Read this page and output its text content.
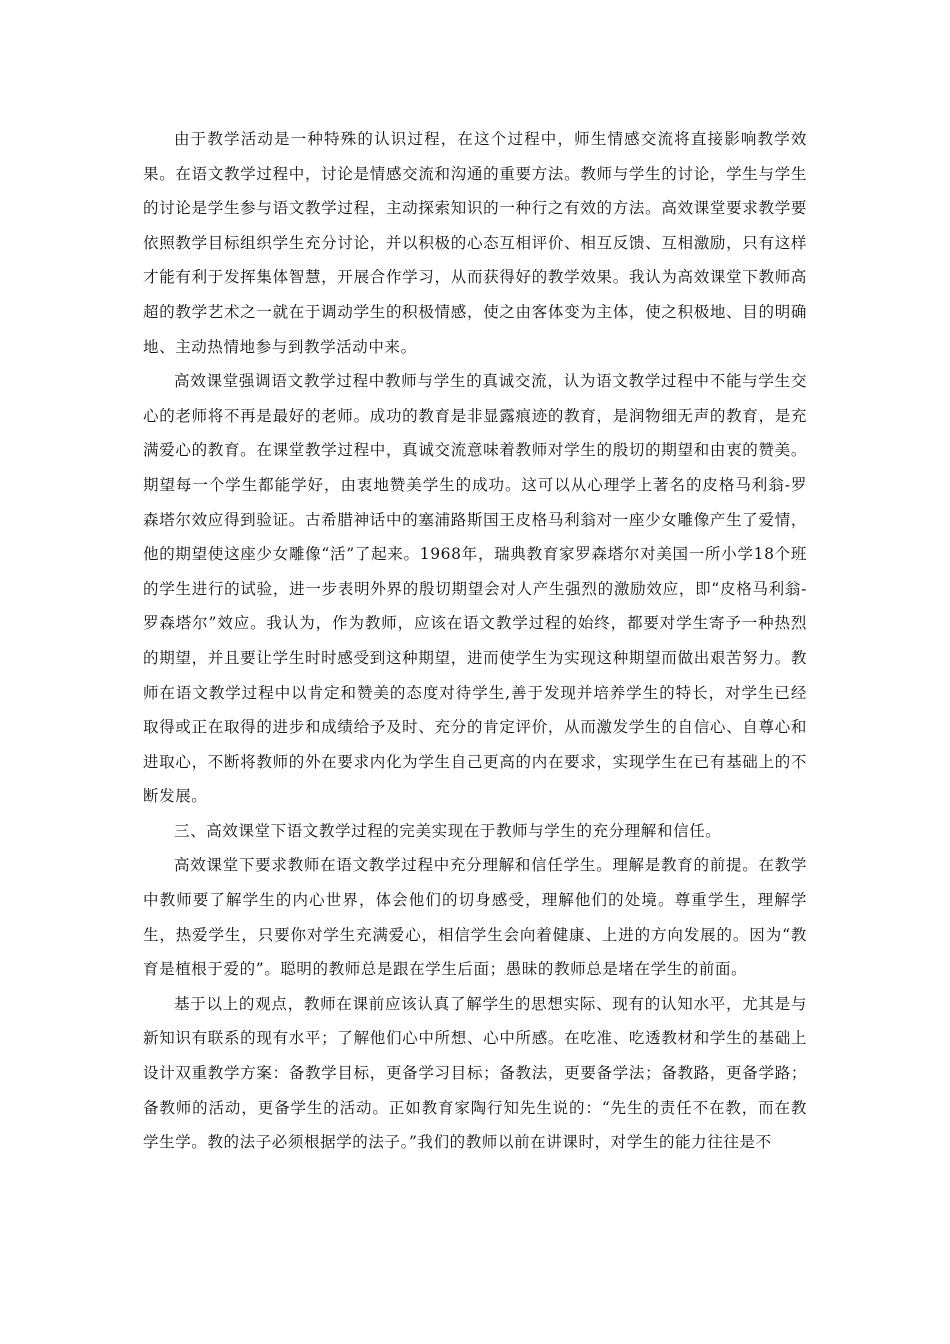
由于教学活动是一种特殊的认识过程，在这个过程中，师生情感交流将直接影响教学效果。在语文教学过程中，讨论是情感交流和沟通的重要方法。教师与学生的讨论，学生与学生的讨论是学生参与语文教学过程，主动探索知识的一种行之有效的方法。高效课堂要求教学要依照教学目标组织学生充分讨论，并以积极的心态互相评价、相互反馈、互相激励，只有这样才能有利于发挥集体智慧，开展合作学习，从而获得好的教学效果。我认为高效课堂下教师高超的教学艺术之一就在于调动学生的积极情感，使之由客体变为主体，使之积极地、目的明确地、主动热情地参与到教学活动中来。

高效课堂强调语文教学过程中教师与学生的真诚交流，认为语文教学过程中不能与学生交心的老师将不再是最好的老师。成功的教育是非显露痕迹的教育，是润物细无声的教育，是充满爱心的教育。在课堂教学过程中，真诚交流意味着教师对学生的殷切的期望和由衷的赞美。期望每一个学生都能学好，由衷地赞美学生的成功。这可以从心理学上著名的皮格马利翁-罗森塔尔效应得到验证。古希腊神话中的塞浦路斯国王皮格马利翁对一座少女雕像产生了爱情，他的期望使这座少女雕像“活”了起来。1968年，瑞典教育家罗森塔尔对美国一所小学18个班的学生进行的试验，进一步表明外界的殷切期望会对人产生强烈的激励效应，即“皮格马利翁-罗森塔尔”效应。我认为，作为教师，应该在语文教学过程的始终，都要对学生寄予一种热烈的期望，并且要让学生时时感受到这种期望，进而使学生为实现这种期望而做出艰苦努力。教师在语文教学过程中以肯定和赞美的态度对待学生,善于发现并培养学生的特长，对学生已经取得或正在取得的进步和成绩给予及时、充分的肯定评价，从而激发学生的自信心、自尊心和进取心，不断将教师的外在要求内化为学生自己更高的内在要求，实现学生在已有基础上的不断发展。

三、高效课堂下语文教学过程的完美实现在于教师与学生的充分理解和信任。

高效课堂下要求教师在语文教学过程中充分理解和信任学生。理解是教育的前提。在教学中教师要了解学生的内心世界，体会他们的切身感受，理解他们的处境。尊重学生，理解学生，热爱学生，只要你对学生充满爱心，相信学生会向着健康、上进的方向发展的。因为“教育是植根于爱的”。聪明的教师总是跟在学生后面；愚昧的教师总是堵在学生的前面。

基于以上的观点，教师在课前应该认真了解学生的思想实际、现有的认知水平，尤其是与新知识有联系的现有水平；了解他们心中所想、心中所感。在吃准、吃透教材和学生的基础上设计双重教学方案：备教学目标，更备学习目标；备教法，更要备学法；备教路，更备学路；备教师的活动，更备学生的活动。正如教育家陶行知先生说的：“先生的责任不在教，而在教学生学。教的法子必须根据学的法子。”我们的教师以前在讲课时，对学生的能力往往是不
